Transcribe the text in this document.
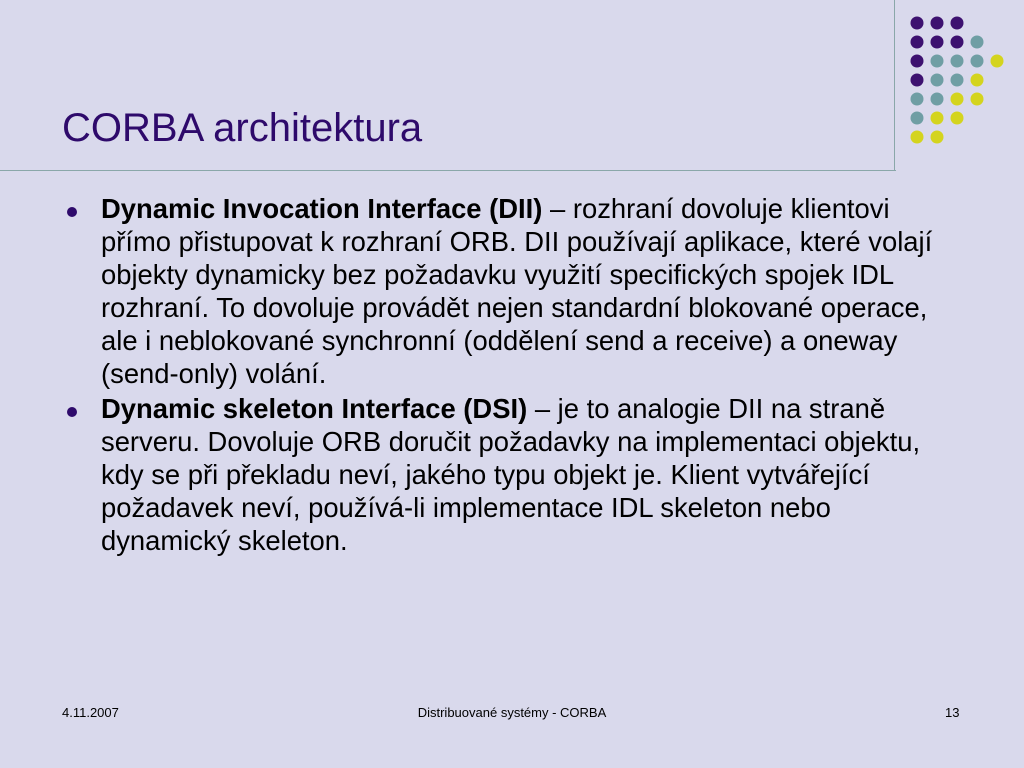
CORBA architektura
Dynamic Invocation Interface (DII) – rozhraní dovoluje klientovi přímo přistupovat k rozhraní ORB. DII používají aplikace, které volají objekty dynamicky bez požadavku využití specifických spojek IDL rozhraní. To dovoluje provádět nejen standardní blokované operace, ale i neblokované synchronní (oddělení send a receive) a oneway (send-only) volání.
Dynamic skeleton Interface (DSI) – je to analogie DII na straně serveru. Dovoluje ORB doručit požadavky na implementaci objektu, kdy se při překladu neví, jakého typu objekt je. Klient vytvářející požadavek neví, používá-li implementace IDL skeleton nebo dynamický skeleton.
4.11.2007	Distribuované systémy - CORBA	13
